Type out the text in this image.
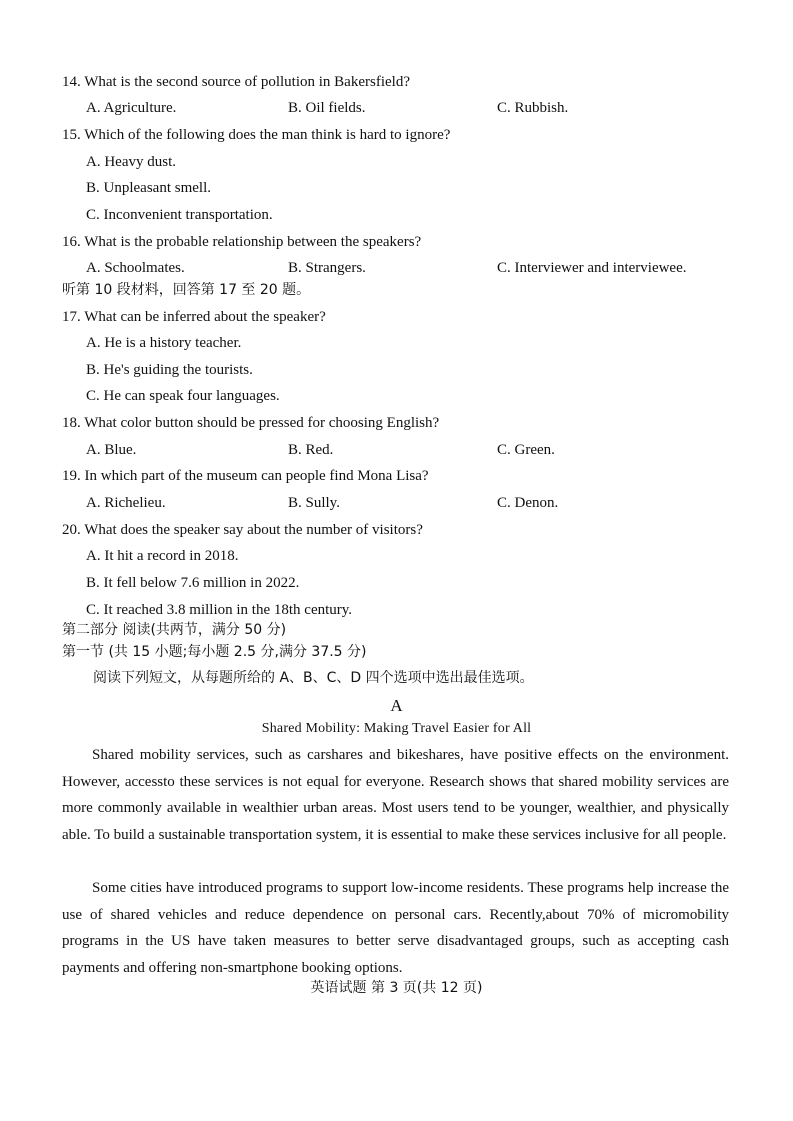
14. What is the second source of pollution in Bakersfield?
A. Agriculture.	B. Oil fields.	C. Rubbish.
15. Which of the following does the man think is hard to ignore?
A. Heavy dust.
B. Unpleasant smell.
C. Inconvenient transportation.
16. What is the probable relationship between the speakers?
A. Schoolmates.	B. Strangers.	C. Interviewer and interviewee.
听第 10 段材料，回答第 17 至 20 题。
17. What can be inferred about the speaker?
A. He is a history teacher.
B. He's guiding the tourists.
C. He can speak four languages.
18. What color button should be pressed for choosing English?
A. Blue.	B. Red.	C. Green.
19. In which part of the museum can people find Mona Lisa?
A. Richelieu.	B. Sully.	C. Denon.
20. What does the speaker say about the number of visitors?
A. It hit a record in 2018.
B. It fell below 7.6 million in 2022.
C. It reached 3.8 million in the 18th century.
第二部分 阅读(共两节，满分 50 分)
第一节 (共 15 小题;每小题 2.5 分,满分 37.5 分)
阅读下列短文，从每题所给的 A、B、C、D 四个选项中选出最佳选项。
A
Shared Mobility: Making Travel Easier for All
Shared mobility services, such as carshares and bikeshares, have positive effects on the environment. However, accessto these services is not equal for everyone. Research shows that shared mobility services are more commonly available in wealthier urban areas. Most users tend to be younger, wealthier, and physically able. To build a sustainable transportation system, it is essential to make these services inclusive for all people.
Some cities have introduced programs to support low-income residents. These programs help increase the use of shared vehicles and reduce dependence on personal cars. Recently,about 70% of micromobility programs in the US have taken measures to better serve disadvantaged groups, such as accepting cash payments and offering non-smartphone booking options.
英语试题 第 3 页(共 12 页)
